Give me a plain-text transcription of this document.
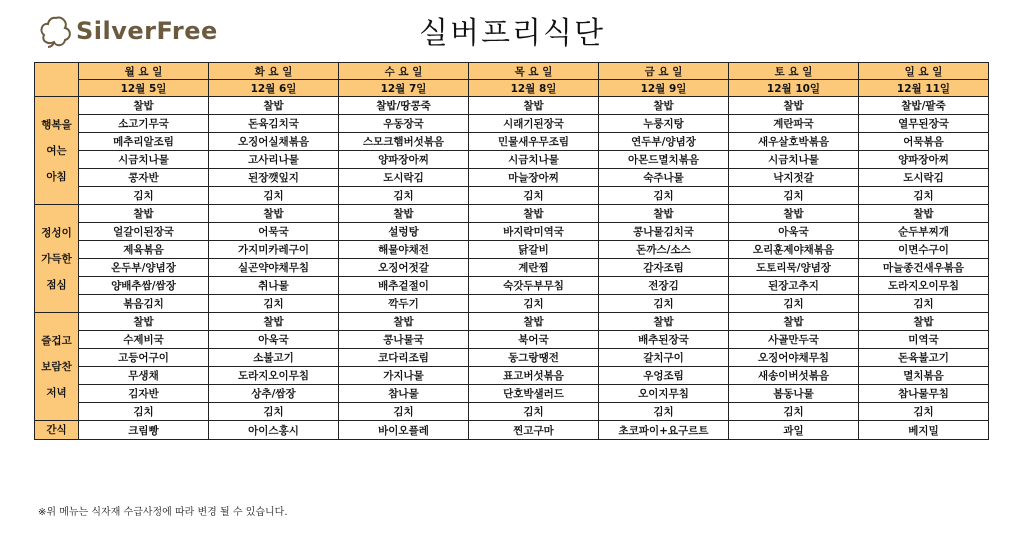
SilverFree	실버프리식단
	월 요 일	화 요 일	수 요 일	목 요 일	금 요 일	토 요 일	일 요 일
	12월 5일	12월 6일	12월 7일	12월 8일	12월 9일	12월 10일	12월 11일
행복을
여는
아침	찰밥	찰밥	찰밥/땅콩죽	찰밥	찰밥	찰밥	찰밥/팥죽
	소고기무국	돈육김치국	우동장국	시래기된장국	누룽지탕	계란파국	열무된장국
	메추리알조림	오징어실채볶음	스모크햄버섯볶음	민물새우무조림	연두부/양념장	새우살호박볶음	어묵볶음
	시금치나물	고사리나물	양파장아찌	시금치나물	아몬드멸치볶음	시금치나물	양파장아찌
	콩자반	된장깻잎지	도시락김	마늘장아찌	숙주나물	낙지젓갈	도시락김
	김치	김치	김치	김치	김치	김치	김치
정성이
가득한
점심	찰밥	찰밥	찰밥	찰밥	찰밥	찰밥	찰밥
	얼갈이된장국	어묵국	설렁탕	바지락미역국	콩나물김치국	아욱국	순두부찌개
	제육볶음	가지미카레구이	해물야채전	닭갈비	돈까스/소스	오리훈제야채볶음	이면수구이
	온두부/양념장	실곤약야채무침	오징어젓갈	계란찜	감자조림	도토리묵/양념장	마늘종건새우볶음
	양배추쌈/쌈장	취나물	배추겉절이	숙갓두부무침	전장김	된장고추지	도라지오이무침
	볶음김치	김치	깍두기	김치	김치	김치	김치
즐겁고
보람찬
저녁	찰밥	찰밥	찰밥	찰밥	찰밥	찰밥	찰밥
	수제비국	아욱국	콩나물국	북어국	배추된장국	사골만두국	미역국
	고등어구이	소불고기	코다리조림	동그랑땡전	갈치구이	오징어야채무침	돈육불고기
	무생채	도라지오이무침	가지나물	표고버섯볶음	우엉조림	새송이버섯볶음	멸치볶음
	김자반	상추/쌈장	참나물	단호박샐러드	오이지무침	봄동나물	참나물무침
	김치	김치	김치	김치	김치	김치	김치
간식	크림빵	아이스홍시	바이오플레	찐고구마	초코파이+요구르트	과일	베지밀
※위 메뉴는 식자재 수급사정에 따라 변경 될 수 있습니다.
